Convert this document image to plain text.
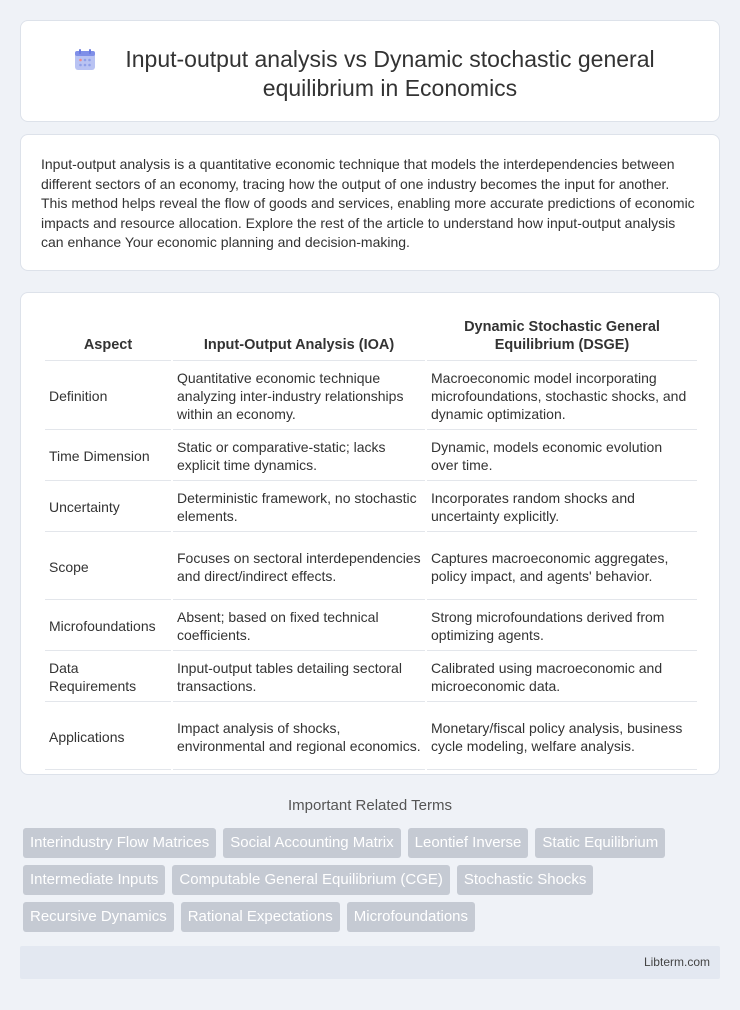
Input-output analysis vs Dynamic stochastic general equilibrium in Economics

Input-output analysis is a quantitative economic technique that models the interdependencies between different sectors of an economy, tracing how the output of one industry becomes the input for another. This method helps reveal the flow of goods and services, enabling more accurate predictions of economic impacts and resource allocation. Explore the rest of the article to understand how input-output analysis can enhance Your economic planning and decision-making.

Aspect	Input-Output Analysis (IOA)	Dynamic Stochastic General Equilibrium (DSGE)
Definition	Quantitative economic technique analyzing inter-industry relationships within an economy.	Macroeconomic model incorporating microfoundations, stochastic shocks, and dynamic optimization.
Time Dimension	Static or comparative-static; lacks explicit time dynamics.	Dynamic, models economic evolution over time.
Uncertainty	Deterministic framework, no stochastic elements.	Incorporates random shocks and uncertainty explicitly.
Scope	Focuses on sectoral interdependencies and direct/indirect effects.	Captures macroeconomic aggregates, policy impact, and agents' behavior.
Microfoundations	Absent; based on fixed technical coefficients.	Strong microfoundations derived from optimizing agents.
Data Requirements	Input-output tables detailing sectoral transactions.	Calibrated using macroeconomic and microeconomic data.
Applications	Impact analysis of shocks, environmental and regional economics.	Monetary/fiscal policy analysis, business cycle modeling, welfare analysis.
Important Related Terms
Interindustry Flow Matrices	Social Accounting Matrix	Leontief Inverse	Static Equilibrium
Intermediate Inputs	Computable General Equilibrium (CGE)	Stochastic Shocks
Recursive Dynamics	Rational Expectations	Microfoundations
Libterm.com
